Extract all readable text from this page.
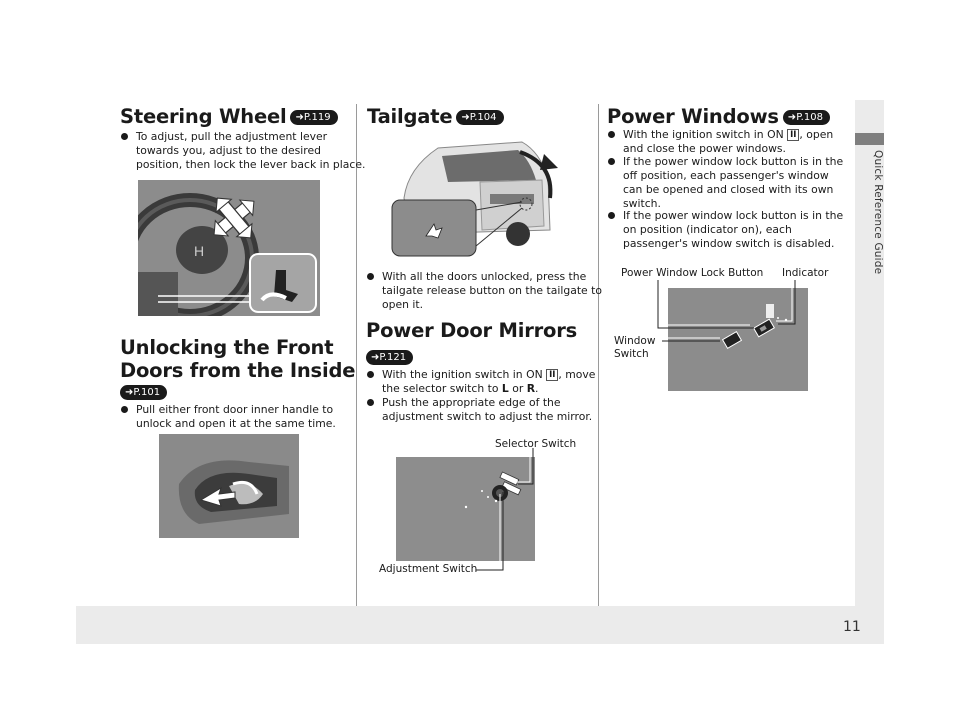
Quick Reference Guide
11
Steering Wheel ➜P.119
To adjust, pull the adjustment lever towards you, adjust to the desired position, then lock the lever back in place.
H
Unlocking the Front
Doors from the Inside
➜P.101
Pull either front door inner handle to unlock and open it at the same time.
Tailgate ➜P.104
With all the doors unlocked, press the tailgate release button on the tailgate to open it.
Power Door Mirrors
➜P.121
With the ignition switch in ON II , move the selector switch to L or R.
Push the appropriate edge of the adjustment switch to adjust the mirror.
Selector Switch
Adjustment Switch
Power Windows ➜P.108
With the ignition switch in ON II , open and close the power windows.
If the power window lock button is in the off position, each passenger's window can be opened and closed with its own switch.
If the power window lock button is in the on position (indicator on), each passenger's window switch is disabled.
Power Window Lock Button Indicator
Window
Switch
